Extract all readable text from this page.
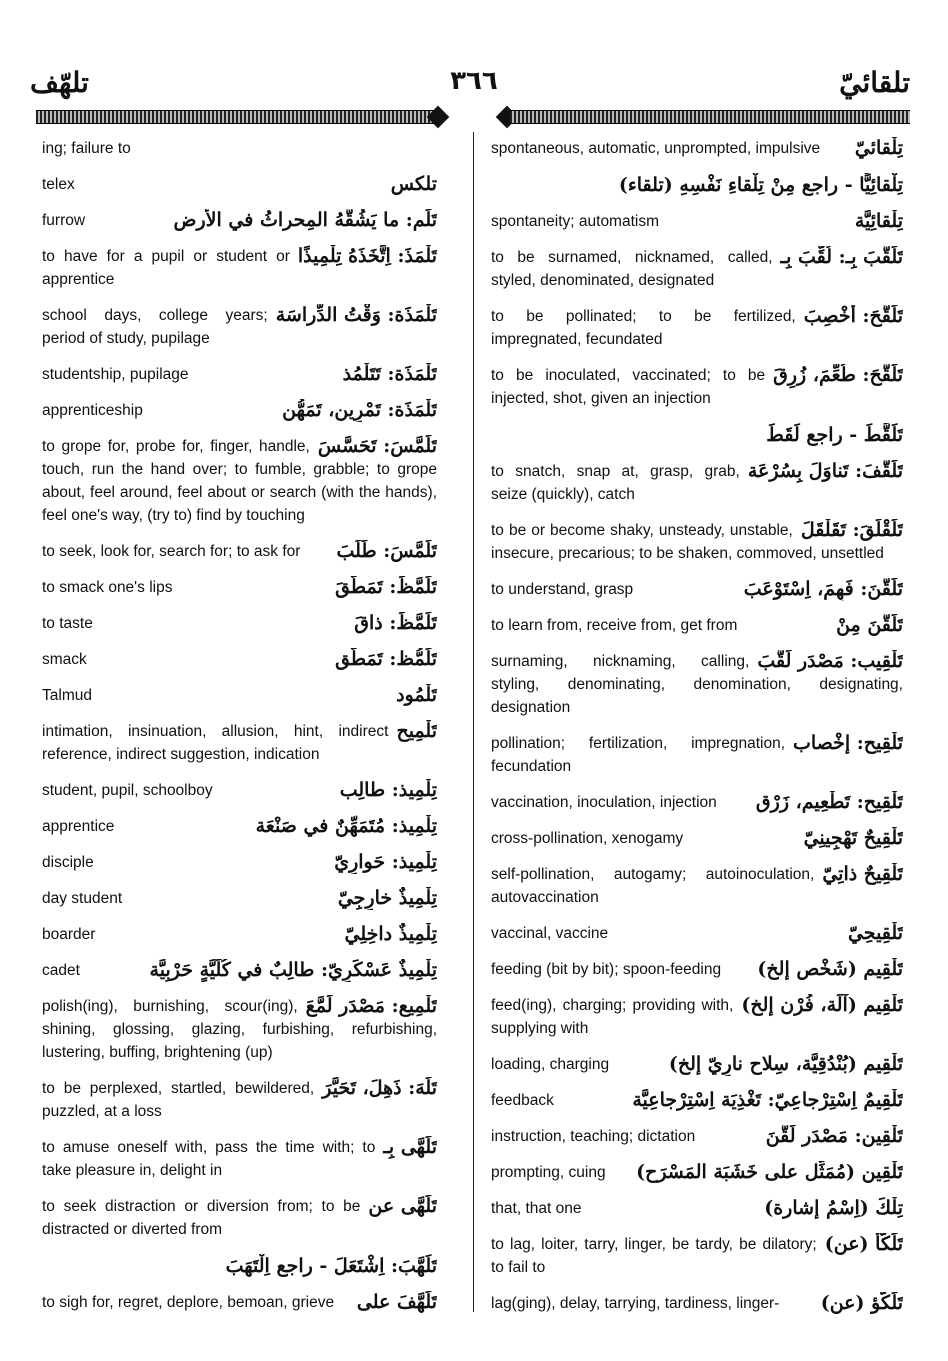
تلهّف	٣٦٦	تلقائيّ
ing; failure to
تلكس
telex
تَلَم: ما يَشُقُّهُ المِحراثُ في الأرض
furrow
تَلْمَذَ: اِتَّخَذَهُ تِلْمِيذًا
to have for a pupil or student or apprentice
تَلْمَذَة: وَقْتُ الدِّراسَة
school days, college years; period of study, pupilage
تَلْمَذَة: تَتَلْمُذ
studentship, pupilage
تَلْمَذَة: تَمْرِين، تَمَهُّن
apprenticeship
تَلَمَّسَ: تَحَسَّسَ
to grope for, probe for, finger, handle, touch, run the hand over; to fumble, grabble; to grope about, feel around, feel about or search (with the hands), feel one's way, (try to) find by touching
تَلَمَّسَ: طَلَبَ
to seek, look for, search for; to ask for
تَلَمَّظَ: تَمَطَّقَ
to smack one's lips
تَلَمَّظَ: ذاقَ
to taste
تَلَمُّظ: تَمَطُّق
smack
تَلْمُود
Talmud
تَلْمِيح
intimation, insinuation, allusion, hint, indirect reference, indirect suggestion, indication
تِلْمِيذ: طالِب
student, pupil, schoolboy
تِلْمِيذ: مُتَمَهِّنٌ في صَنْعَة
apprentice
تِلْمِيذ: حَوارِيّ
disciple
تِلْمِيذٌ خارِجِيّ
day student
تِلْمِيذٌ داخِلِيّ
boarder
تِلْمِيذٌ عَسْكَرِيّ: طالِبٌ في كُلِّيَّةٍ حَرْبِيَّة
cadet
تَلْمِيع: مَصْدَر لَمَّعَ
polish(ing), burnishing, scour(ing), shining, glossing, glazing, furbishing, refurbishing, lustering, buffing, brightening (up)
تَلَهَ: ذَهِلَ، تَحَيَّرَ
to be perplexed, startled, bewildered, puzzled, at a loss
تَلَهَّى بِـ
to amuse oneself with, pass the time with; to take pleasure in, delight in
تَلَهَّى عن
to seek distraction or diversion from; to be distracted or diverted from
تَلَهَّبَ: اِشْتَعَلَ - راجع اِلْتَهَبَ
تَلَهَّفَ على
to sigh for, regret, deplore, bemoan, grieve
تِلْقائيّ
spontaneous, automatic, unprompted, impulsive
تِلْقائِيًّا - راجع مِنْ تِلْقاءِ نَفْسِهِ (تلقاء)
تِلْقائِيَّة
spontaneity; automatism
تَلَقَّبَ بِـ: لُقِّبَ بِـ
to be surnamed, nicknamed, called, styled, denominated, designated
تَلَقَّحَ: أُخْصِبَ
to be pollinated; to be fertilized, impregnated, fecundated
تَلَقَّحَ: طُعِّمَ، زُرِقَ
to be inoculated, vaccinated; to be injected, shot, given an injection
تَلَقَّطَ - راجع لَقَطَ
تَلَقَّفَ: تَناوَلَ بِسُرْعَة
to snatch, snap at, grasp, grab, seize (quickly), catch
تَلَقْلَقَ: تَقَلْقَلَ
to be or become shaky, unsteady, unstable, insecure, precarious; to be shaken, commoved, unsettled
تَلَقَّنَ: فَهِمَ، اِسْتَوْعَبَ
to understand, grasp
تَلَقَّنَ مِنْ
to learn from, receive from, get from
تَلْقِيب: مَصْدَر لَقَّبَ
surnaming, nicknaming, calling, styling, denominating, denomination, designating, designation
تَلْقِيح: إخْصاب
pollination; fertilization, impregnation, fecundation
تَلْقِيح: تَطْعِيم، زَرْق
vaccination, inoculation, injection
تَلْقِيحٌ تَهْجِينِيّ
cross-pollination, xenogamy
تَلْقِيحٌ ذاتِيّ
self-pollination, autogamy; autoinoculation, autovaccination
تَلْقِيحِيّ
vaccinal, vaccine
تَلْقِيم (شَخْص إلخ)
feeding (bit by bit); spoon-feeding
تَلْقِيم (آلَة، فُرْن إلخ)
feed(ing), charging; providing with, supplying with
تَلْقِيم (بُنْدُقِيَّة، سِلاح نارِيّ إلخ)
loading, charging
تَلْقِيمٌ اِسْتِرْجاعِيّ: تَغْذِيَة اِسْتِرْجاعِيَّة
feedback
تَلْقِين: مَصْدَر لَقَّنَ
instruction, teaching; dictation
تَلْقِين (مُمَثِّل على خَشَبَة المَسْرَح)
prompting, cuing
تِلْكَ (اِسْمُ إشارة)
that, that one
تَلَكَّأَ (عن)
to lag, loiter, tarry, linger, be tardy, be dilatory; to fail to
تَلَكُّؤ (عن)
lag(ging), delay, tarrying, tardiness, linger-
